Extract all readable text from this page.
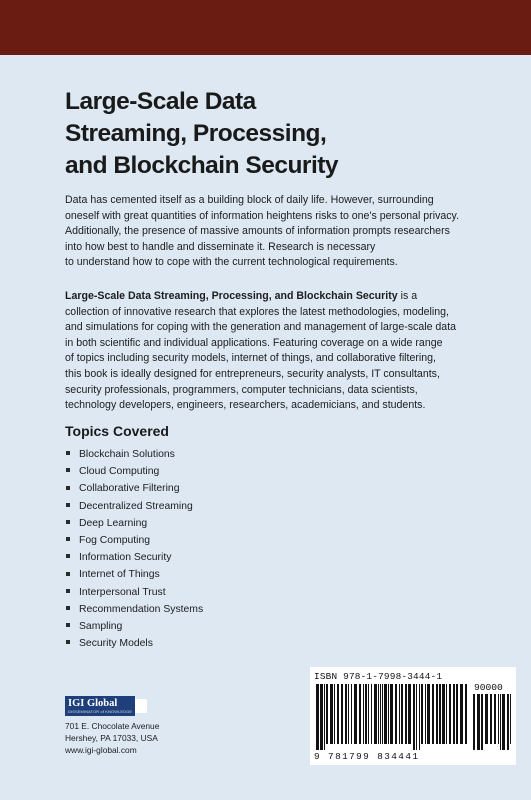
Large-Scale Data
Streaming, Processing,
and Blockchain Security

Data has cemented itself as a building block of daily life. However, surrounding
oneself with great quantities of information heightens risks to one's personal privacy.
Additionally, the presence of massive amounts of information prompts researchers
into how best to handle and disseminate it. Research is necessary
to understand how to cope with the current technological requirements.

Large-Scale Data Streaming, Processing, and Blockchain Security is a
collection of innovative research that explores the latest methodologies, modeling,
and simulations for coping with the generation and management of large-scale data
in both scientific and individual applications. Featuring coverage on a wide range
of topics including security models, internet of things, and collaborative filtering,
this book is ideally designed for entrepreneurs, security analysts, IT consultants,
security professionals, programmers, computer technicians, data scientists,
technology developers, engineers, researchers, academicians, and students.

Topics Covered
Blockchain Solutions
Cloud Computing
Collaborative Filtering
Decentralized Streaming
Deep Learning
Fog Computing
Information Security
Internet of Things
Interpersonal Trust
Recommendation Systems
Sampling
Security Models
IGI Global
DISSEMINATOR of KNOWLEDGE
701 E. Chocolate Avenue
Hershey, PA 17033, USA
www.igi-global.com
ISBN 978-1-7998-3444-1
90000
9 781799 834441
